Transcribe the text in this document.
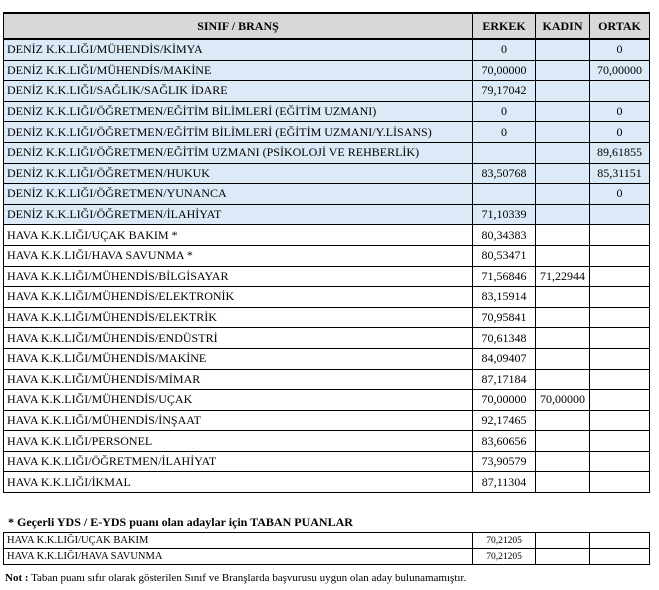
SINIF / BRANŞ	ERKEK	KADIN	ORTAK
DENİZ K.K.LIĞI/MÜHENDİS/KİMYA	0		0
DENİZ K.K.LIĞI/MÜHENDİS/MAKİNE	70,00000		70,00000
DENİZ K.K.LIĞI/SAĞLIK/SAĞLIK İDARE	79,17042		
DENİZ K.K.LIĞI/ÖĞRETMEN/EĞİTİM BİLİMLERİ (EĞİTİM UZMANI)	0		0
DENİZ K.K.LIĞI/ÖĞRETMEN/EĞİTİM BİLİMLERİ (EĞİTİM UZMANI/Y.LİSANS)	0		0
DENİZ K.K.LIĞI/ÖĞRETMEN/EĞİTİM UZMANI (PSİKOLOJİ VE REHBERLİK)			89,61855
DENİZ K.K.LIĞI/ÖĞRETMEN/HUKUK	83,50768		85,31151
DENİZ K.K.LIĞI/ÖĞRETMEN/YUNANCA			0
DENİZ K.K.LIĞI/ÖĞRETMEN/İLAHİYAT	71,10339		
HAVA K.K.LIĞI/UÇAK BAKIM *	80,34383		
HAVA K.K.LIĞI/HAVA SAVUNMA *	80,53471		
HAVA K.K.LIĞI/MÜHENDİS/BİLGİSAYAR	71,56846	71,22944	
HAVA K.K.LIĞI/MÜHENDİS/ELEKTRONİK	83,15914		
HAVA K.K.LIĞI/MÜHENDİS/ELEKTRİK	70,95841		
HAVA K.K.LIĞI/MÜHENDİS/ENDÜSTRİ	70,61348		
HAVA K.K.LIĞI/MÜHENDİS/MAKİNE	84,09407		
HAVA K.K.LIĞI/MÜHENDİS/MİMAR	87,17184		
HAVA K.K.LIĞI/MÜHENDİS/UÇAK	70,00000	70,00000	
HAVA K.K.LIĞI/MÜHENDİS/İNŞAAT	92,17465		
HAVA K.K.LIĞI/PERSONEL	83,60656		
HAVA K.K.LIĞI/ÖĞRETMEN/İLAHİYAT	73,90579		
HAVA K.K.LIĞI/İKMAL	87,11304		
* Geçerli YDS / E-YDS puanı olan adaylar için TABAN PUANLAR
HAVA K.K.LIĞI/UÇAK BAKIM	70,21205		
HAVA K.K.LIĞI/HAVA SAVUNMA	70,21205		
Not : Taban puanı sıfır olarak gösterilen Sınıf ve Branşlarda başvurusu uygun olan aday bulunamamıştır.
